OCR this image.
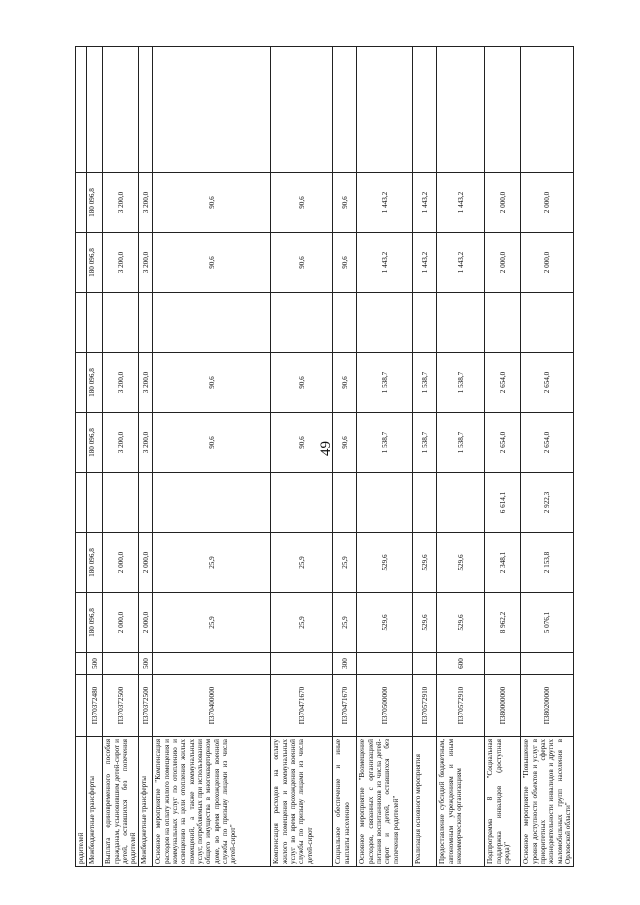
49
родителей												
Межбюджетные трансферты	П370372480	500	180 096,8	180 096,8		180 096,8	180 096,8		180 096,8	180 096,8		
Выплата единовременного пособия гражданам, усыновившим детей-сирот и детей, оставшихся без попечения родителей	П370372500		2 000,0	2 000,0		3 200,0	3 200,0		3 200,0	3 200,0		
Межбюджетные трансферты	П370372500	500	2 000,0	2 000,0		3 200,0	3 200,0		3 200,0	3 200,0		
Основное мероприятие "Компенсация расходов на оплату жилого помещения и коммунальных услуг по отоплению и освещению на цели отопления жилых помещений, а также коммунальных услуг, потребляемых при использовании общего имущества в многоквартирном доме, во время прохождения военной службы по призыву лицами из числа детей-сирот"	П370400000		25,9	25,9		90,6	90,6		90,6	90,6		
Компенсация расходов на оплату жилого помещения и коммунальных услуг во время прохождения военной службы по призыву лицами из числа детей-сирот	П370471670		25,9	25,9		90,6	90,6		90,6	90,6		
Социальное обеспечение и иные выплаты населению	П370471670	300	25,9	25,9		90,6	90,6		90,6	90,6		
Основное мероприятие "Возмещение расходов, связанных с организацией питания воспитанников из числа детей-сирот и детей, оставшихся без попечения родителей"	П370500000		529,6	529,6		1 538,7	1 538,7		1 443,2	1 443,2		
Реализация основного мероприятия	П370572910		529,6	529,6		1 538,7	1 538,7		1 443,2	1 443,2		
Предоставление субсидий бюджетным, автономным учреждениям и иным некоммерческим организациям	П370572910	600	529,6	529,6		1 538,7	1 538,7		1 443,2	1 443,2		
Подпрограмма 8 "Социальная поддержка инвалидов (доступная среда)"	П380000000		8 962,2	2 348,1	6 614,1	2 654,0	2 654,0		2 000,0	2 000,0		
Основное мероприятие "Повышение уровня доступности объектов и услуг в приоритетных сферах жизнедеятельности инвалидов и других маломобильных групп населения в Орловской области"	П380200000		5 076,1	2 153,8	2 922,3	2 654,0	2 654,0		2 000,0	2 000,0		
